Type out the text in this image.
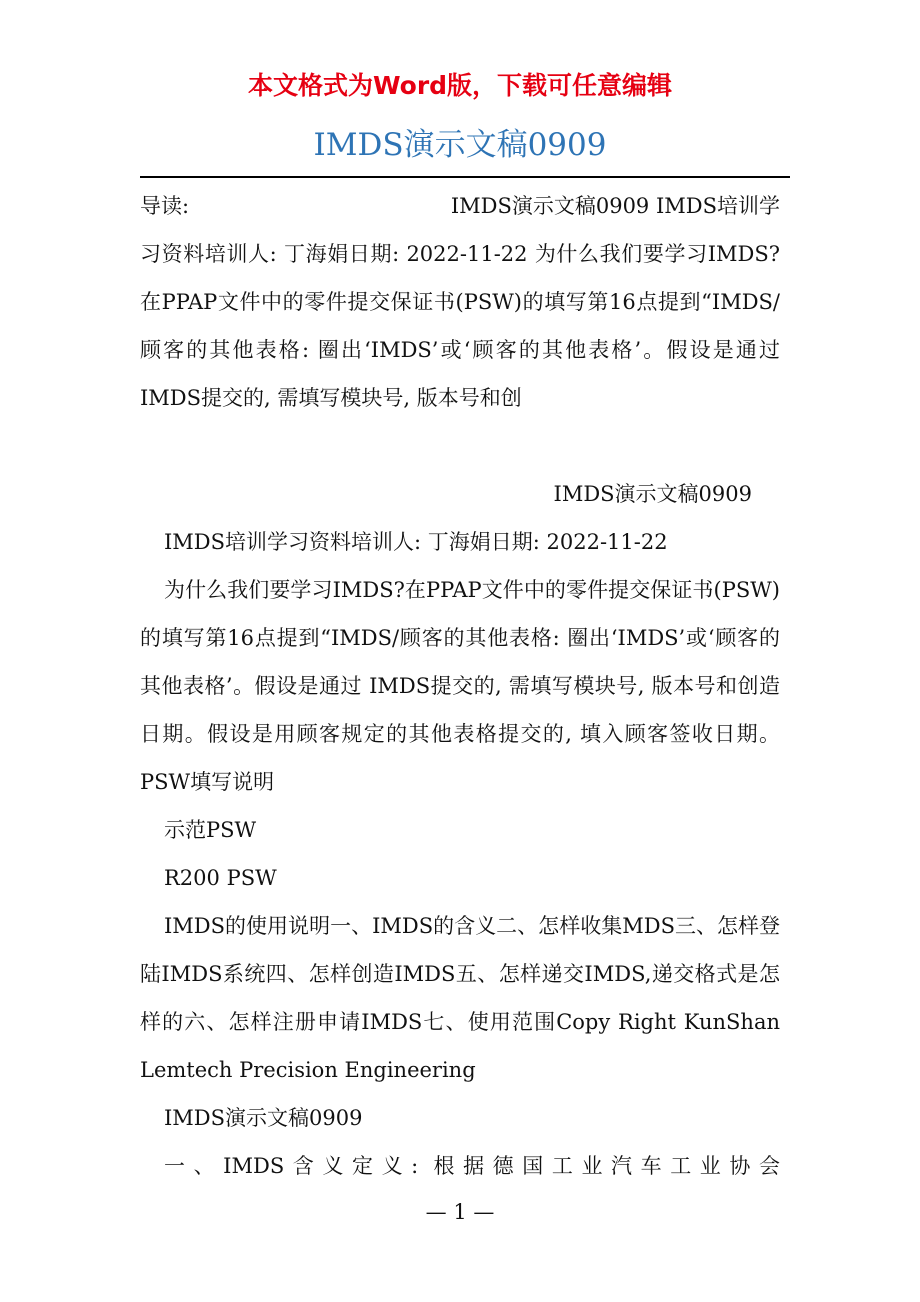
本文格式为Word版，下载可任意编辑
IMDS演示文稿0909
导读:	IMDS演示文稿0909 IMDS培训学
习资料培训人: 丁海娟日期: 2022-11-22 为什么我们要学习IMDS?在PPAP文件中的零件提交保证书(PSW)的填写第16点提到“IMDS/顾客的其他表格: 圈出‘IMDS’或‘顾客的其他表格’。假设是通过 IMDS提交的, 需填写模块号, 版本号和创

IMDS演示文稿0909

IMDS培训学习资料培训人: 丁海娟日期: 2022-11-22

为什么我们要学习IMDS?在PPAP文件中的零件提交保证书(PSW)的填写第16点提到“IMDS/顾客的其他表格: 圈出‘IMDS’或‘顾客的其他表格’。假设是通过 IMDS提交的, 需填写模块号, 版本号和创造日期。假设是用顾客规定的其他表格提交的, 填入顾客签收日期。PSW填写说明

示范PSW

R200 PSW

IMDS的使用说明一、IMDS的含义二、怎样收集MDS三、怎样登陆IMDS系统四、怎样创造IMDS五、怎样递交IMDS,递交格式是怎样的六、怎样注册申请IMDS七、使用范围Copy Right KunShan Lemtech Precision Engineering

IMDS演示文稿0909

一、IMDS含义定义: 根据德国工业汽车工业协会

— 1 —
